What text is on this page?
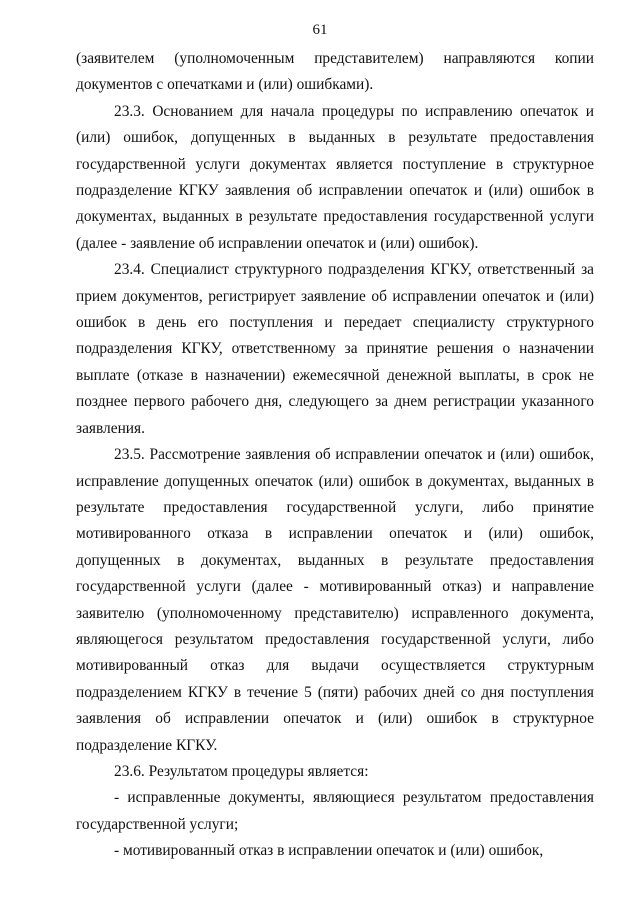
61

(заявителем (уполномоченным представителем) направляются копии документов с опечатками и (или) ошибками).

23.3. Основанием для начала процедуры по исправлению опечаток и (или) ошибок, допущенных в выданных в результате предоставления государственной услуги документах является поступление в структурное подразделение КГКУ заявления об исправлении опечаток и (или) ошибок в документах, выданных в результате предоставления государственной услуги (далее - заявление об исправлении опечаток и (или) ошибок).

23.4. Специалист структурного подразделения КГКУ, ответственный за прием документов, регистрирует заявление об исправлении опечаток и (или) ошибок в день его поступления и передает специалисту структурного подразделения КГКУ, ответственному за принятие решения о назначении выплате (отказе в назначении) ежемесячной денежной выплаты, в срок не позднее первого рабочего дня, следующего за днем регистрации указанного заявления.

23.5. Рассмотрение заявления об исправлении опечаток и (или) ошибок, исправление допущенных опечаток (или) ошибок в документах, выданных в результате предоставления государственной услуги, либо принятие мотивированного отказа в исправлении опечаток и (или) ошибок, допущенных в документах, выданных в результате предоставления государственной услуги (далее - мотивированный отказ) и направление заявителю (уполномоченному представителю) исправленного документа, являющегося результатом предоставления государственной услуги, либо мотивированный отказ для выдачи осуществляется структурным подразделением КГКУ в течение 5 (пяти) рабочих дней со дня поступления заявления об исправлении опечаток и (или) ошибок в структурное подразделение КГКУ.

23.6. Результатом процедуры является:

- исправленные документы, являющиеся результатом предоставления государственной услуги;

- мотивированный отказ в исправлении опечаток и (или) ошибок,
